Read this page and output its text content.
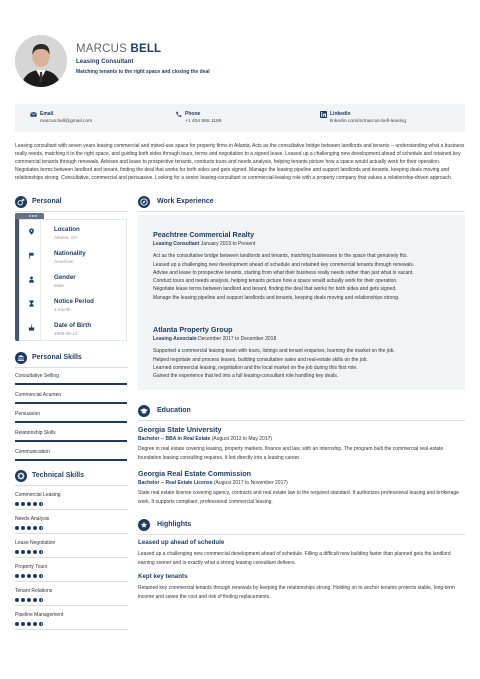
MARCUS BELL
Leasing Consultant
Matching tenants to the right space and closing the deal
Email
marcus.bell@gmail.com
Phone
+1 404 555 1169
Linkedin
linkedin.com/in/marcus-bell-leasing
Leasing consultant with seven years leasing commercial and mixed-use space for property firms in Atlanta. Acts as the consultative bridge between landlords and tenants -- understanding what a business really needs, matching it to the right space, and guiding both sides through tours, terms and negotiation to a signed lease. Leased up a challenging new development ahead of schedule and retained key commercial tenants through renewals. Advises and lease to prospective tenants, conducts tours and needs analysis, helping tenants picture how a space would actually work for their operation. Negotiates terms between landlord and tenant, finding the deal that works for both sides and gets signed. Manage the leasing pipeline and support landlords and tenants, keeping deals moving and relationships strong. Consultative, commercial and persuasive. Looking for a senior leasing-consultant or commercial-leasing role with a property company that values a relationship-driven approach.
Personal
Location
Atlanta, GA
Nationality
American
Gender
Male
Notice Period
1 month
Date of Birth
1995-09-12
Personal Skills
Consultative Selling
Commercial Acumen
Persuasion
Relationship Skills
Communication
Technical Skills
Commercial Leasing
Needs Analysis
Lease Negotiation
Property Tours
Tenant Relations
Pipeline Management
Work Experience
Peachtree Commercial Realty
Leasing Consultant January 2019 to Present
Act as the consultative bridge between landlords and tenants, matching businesses to the space that genuinely fits.
Leased up a challenging new development ahead of schedule and retained key commercial tenants through renewals.
Advise and lease to prospective tenants, starting from what their business really needs rather than just what is vacant.
Conduct tours and needs analysis, helping tenants picture how a space would actually work for their operation.
Negotiate lease terms between landlord and tenant, finding the deal that works for both sides and gets signed.
Manage the leasing pipeline and support landlords and tenants, keeping deals moving and relationships strong.
Atlanta Property Group
Leasing Associate December 2017 to December 2018
Supported a commercial leasing team with tours, listings and tenant enquiries, learning the market on the job.
Helped negotiate and process leases, building consultative sales and real-estate skills on the job.
Learned commercial leasing, negotiation and the local market on the job during this first role.
Gained the experience that led into a full leasing-consultant role handling key deals.
Education
Georgia State University
Bachelor -- BBA in Real Estate (August 2013 to May 2017)
Degree in real estate covering leasing, property markets, finance and law, with an internship. The program built the commercial real-estate foundation leasing consulting requires. It led directly into a leasing career.
Georgia Real Estate Commission
Bachelor -- Real Estate License (August 2017 to November 2017)
State real estate license covering agency, contracts and real estate law to the required standard. It authorizes professional leasing and brokerage work. It supports compliant, professional commercial leasing.
Highlights
Leased up ahead of schedule
Leased up a challenging new commercial development ahead of schedule. Filling a difficult new building faster than planned gets the landlord earning sooner and is exactly what a strong leasing consultant delivers.
Kept key tenants
Retained key commercial tenants through renewals by keeping the relationships strong. Holding on to anchor tenants protects stable, long-term income and saves the cost and risk of finding replacements.
